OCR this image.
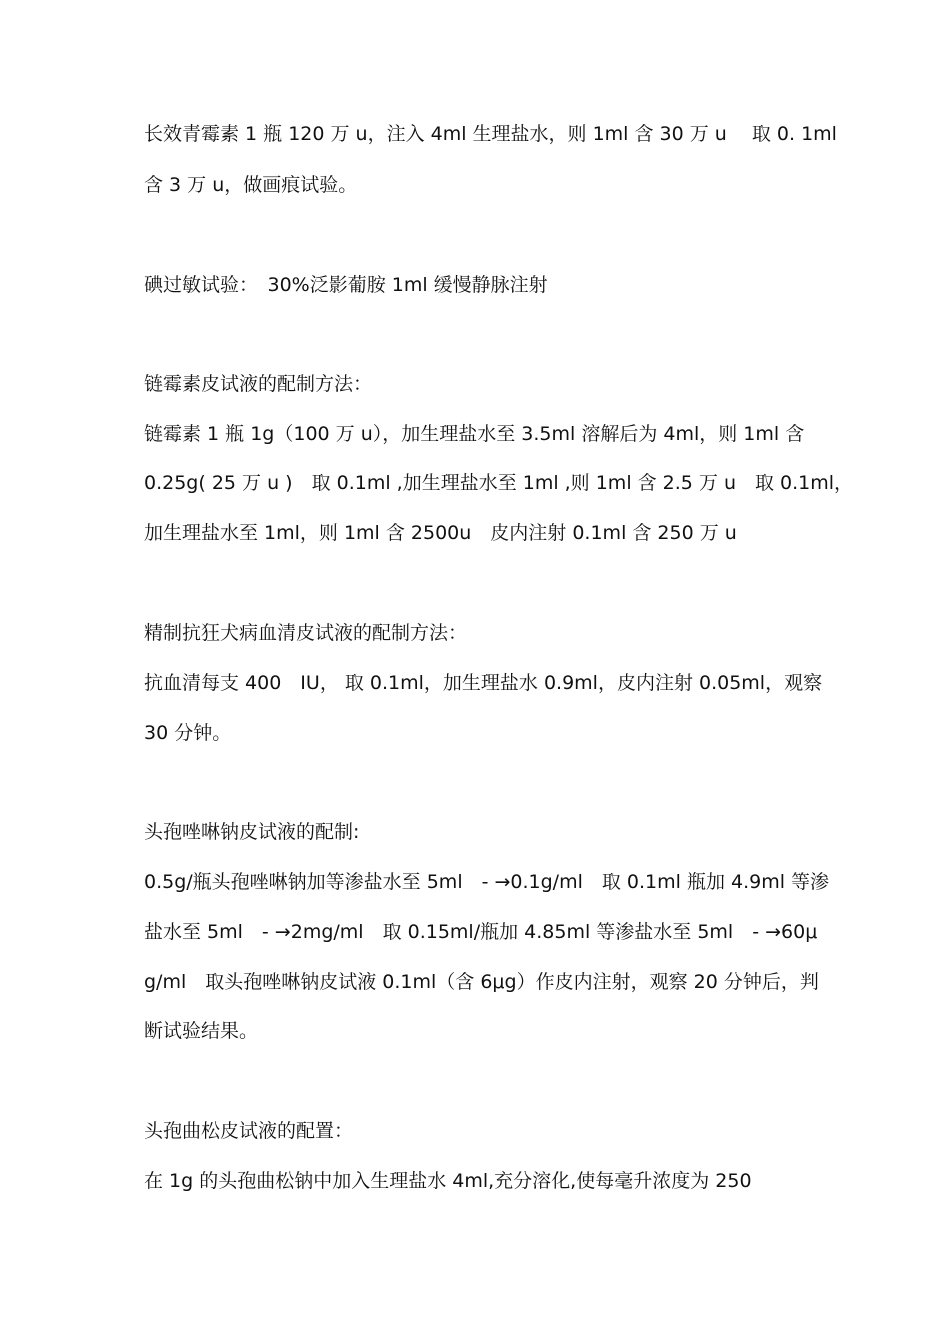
长效青霉素 1 瓶 120 万 u，注入 4ml 生理盐水，则 1ml 含 30 万 u　 取 0. 1ml
含 3 万 u，做画痕试验。
碘过敏试验：　30%泛影葡胺 1ml 缓慢静脉注射
链霉素皮试液的配制方法：
链霉素 1 瓶 1g（100 万 u），加生理盐水至 3.5ml 溶解后为 4ml，则 1ml 含
0.25g( 25 万 u )　取 0.1ml ,加生理盐水至 1ml ,则 1ml 含 2.5 万 u　取 0.1ml，
加生理盐水至 1ml，则 1ml 含 2500u　皮内注射 0.1ml 含 250 万 u
精制抗狂犬病血清皮试液的配制方法：
抗血清每支 400　IU， 取 0.1ml，加生理盐水 0.9ml，皮内注射 0.05ml，观察
30 分钟。
头孢唑啉钠皮试液的配制:
0.5g/瓶头孢唑啉钠加等渗盐水至 5ml　- →0.1g/ml　取 0.1ml 瓶加 4.9ml 等渗
盐水至 5ml　- →2mg/ml　取 0.15ml/瓶加 4.85ml 等渗盐水至 5ml　- →60μ
g/ml　取头孢唑啉钠皮试液 0.1ml（含 6μg）作皮内注射，观察 20 分钟后，判
断试验结果。
头孢曲松皮试液的配置：
在 1g 的头孢曲松钠中加入生理盐水 4ml,充分溶化,使每毫升浓度为 250
